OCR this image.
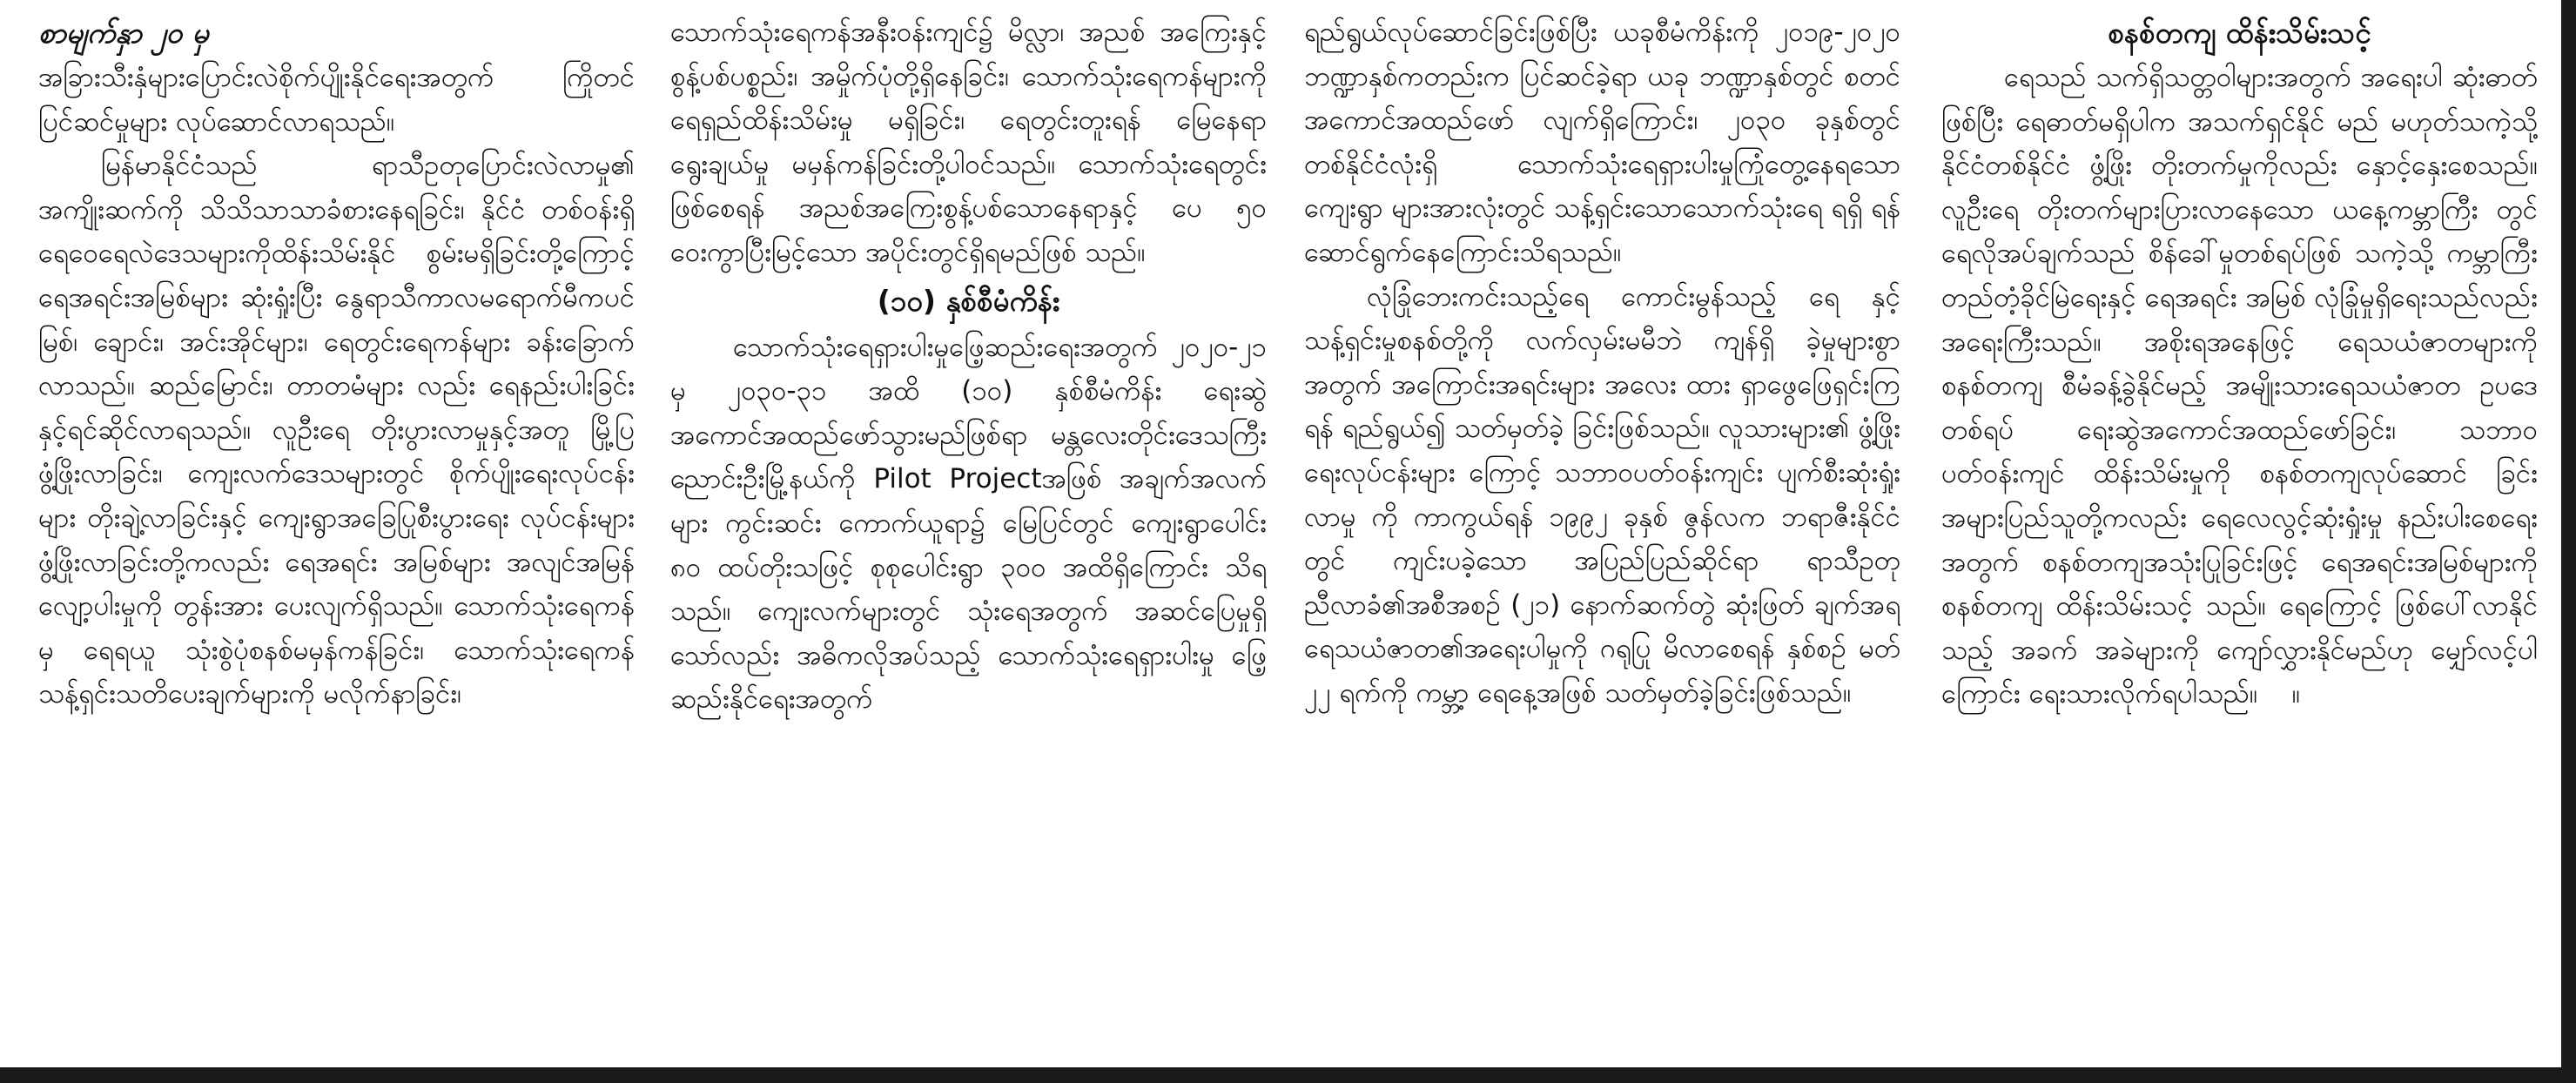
စာမျက်နှာ ၂၀ မှ

အခြားသီးနှံများပြောင်းလဲစိုက်ပျိုးနိုင်ရေးအတွက် ကြိုတင်ပြင်ဆင်မှုများ လုပ်ဆောင်လာရသည်။

မြန်မာနိုင်ငံသည် ရာသီဥတုပြောင်းလဲလာမှု၏ အကျိုးဆက်ကို သိသိသာသာခံစားနေရခြင်း၊ နိုင်ငံ တစ်ဝန်းရှိ ရေဝေရေလဲဒေသများကိုထိန်းသိမ်းနိုင် စွမ်းမရှိခြင်းတို့ကြောင့် ရေအရင်းအမြစ်များ ဆုံးရှုံးပြီး နွေရာသီကာလမရောက်မီကပင် မြစ်၊ ချောင်း၊ အင်းအိုင်များ၊ ရေတွင်းရေကန်များ ခန်းခြောက်လာသည်။ ဆည်မြောင်း၊ တာတမံများ လည်း ရေနည်းပါးခြင်းနှင့်ရင်ဆိုင်လာရသည်။ လူဦးရေ တိုးပွားလာမှုနှင့်အတူ မြို့ပြဖွံ့ဖြိုးလာခြင်း၊ ကျေးလက်ဒေသများတွင် စိုက်ပျိုးရေးလုပ်ငန်းများ တိုးချဲ့လာခြင်းနှင့် ကျေးရွာအခြေပြုစီးပွားရေး လုပ်ငန်းများ ဖွံ့ဖြိုးလာခြင်းတို့ကလည်း ရေအရင်း အမြစ်များ အလျင်အမြန်လျော့ပါးမှုကို တွန်းအား ပေးလျက်ရှိသည်။ သောက်သုံးရေကန်မှ ရေရယူ သုံးစွဲပုံစနစ်မမှန်ကန်ခြင်း၊ သောက်သုံးရေကန် သန့်ရှင်းသတိပေးချက်များကို မလိုက်နာခြင်း၊

သောက်သုံးရေကန်အနီးဝန်းကျင်၌ မိလ္လာ၊ အညစ် အကြေးနှင့် စွန့်ပစ်ပစ္စည်း၊ အမှိုက်ပုံတို့ရှိနေခြင်း၊ သောက်သုံးရေကန်များကို ရေရှည်ထိန်းသိမ်းမှု မရှိခြင်း၊ ရေတွင်းတူးရန် မြေနေရာရွေးချယ်မှု မမှန်ကန်ခြင်းတို့ပါဝင်သည်။ သောက်သုံးရေတွင်း ဖြစ်စေရန် အညစ်အကြေးစွန့်ပစ်သောနေရာနှင့် ပေ ၅၀ ဝေးကွာပြီးမြင့်သော အပိုင်းတွင်ရှိရမည်ဖြစ် သည်။

(၁၀) နှစ်စီမံကိန်း

သောက်သုံးရေရှားပါးမှုဖြေ့ဆည်းရေးအတွက် ၂၀၂၀-၂၁ မှ ၂၀၃၀-၃၁ အထိ (၁၀) နှစ်စီမံကိန်း ရေးဆွဲ အကောင်အထည်ဖော်သွားမည်ဖြစ်ရာ မန္တလေးတိုင်းဒေသကြီး ညောင်းဦးမြို့နယ်ကို Pilot Projectအဖြစ် အချက်အလက်များ ကွင်းဆင်း ကောက်ယူရာ၌ မြေပြင်တွင် ကျေးရွာပေါင်း ၈၀ ထပ်တိုးသဖြင့် စုစုပေါင်းရွာ ၃၀၀ အထိရှိကြောင်း သိရသည်။ ကျေးလက်များတွင် သုံးရေအတွက် အဆင်ပြေမှုရှိသော်လည်း အဓိကလိုအပ်သည့် သောက်သုံးရေရှားပါးမှု ဖြေ့ဆည်းနိုင်ရေးအတွက်

ရည်ရွယ်လုပ်ဆောင်ခြင်းဖြစ်ပြီး ယခုစီမံကိန်းကို ၂၀၁၉-၂၀၂၀ ဘဏ္ဍာနှစ်ကတည်းက ပြင်ဆင်ခဲ့ရာ ယခု ဘဏ္ဍာနှစ်တွင် စတင်အကောင်အထည်ဖော် လျက်ရှိကြောင်း၊ ၂၀၃၀ ခုနှစ်တွင် တစ်နိုင်ငံလုံးရှိ သောက်သုံးရေရှားပါးမှုကြုံတွေ့နေရသော ကျေးရွာ များအားလုံးတွင် သန့်ရှင်းသောသောက်သုံးရေ ရရှိ ရန် ဆောင်ရွက်နေကြောင်းသိရသည်။

လုံခြုံဘေးကင်းသည့်ရေ ကောင်းမွန်သည့် ရေ နှင့် သန့်ရှင်းမှုစနစ်တို့ကို လက်လှမ်းမမီဘဲ ကျန်ရှိ ခဲ့မှုများစွာအတွက် အကြောင်းအရင်းများ အလေး ထား ရှာဖွေဖြေရှင်းကြရန် ရည်ရွယ်၍ သတ်မှတ်ခဲ့ ခြင်းဖြစ်သည်။ လူသားများ၏ ဖွံ့ဖြိုးရေးလုပ်ငန်းများ ကြောင့် သဘာဝပတ်ဝန်းကျင်း ပျက်စီးဆုံးရှုံးလာမှု ကို ကာကွယ်ရန် ၁၉၉၂ ခုနှစ် ဇွန်လက ဘရာဇီးနိုင်ငံ တွင် ကျင်းပခဲ့သော အပြည်ပြည်ဆိုင်ရာ ရာသီဥတု ညီလာခံ၏အစီအစဉ် (၂၁) နောက်ဆက်တွဲ ဆုံးဖြတ် ချက်အရ ရေသယံဇာတ၏အရေးပါမှုကို ဂရုပြု မိလာစေရန် နှစ်စဉ် မတ် ၂၂ ရက်ကို ကမ္ဘာ့ ရေနေ့အဖြစ် သတ်မှတ်ခဲ့ခြင်းဖြစ်သည်။

စနစ်တကျ ထိန်းသိမ်းသင့်

ရေသည် သက်ရှိသတ္တဝါများအတွက် အရေးပါ ဆုံးဓာတ်ဖြစ်ပြီး ရေဓာတ်မရှိပါက အသက်ရှင်နိုင် မည် မဟုတ်သကဲ့သို့ နိုင်ငံတစ်နိုင်ငံ ဖွံ့ဖြိုး တိုးတက်မှုကိုလည်း နှောင့်နှေးစေသည်။ လူဦးရေ တိုးတက်များပြားလာနေသော ယနေ့ကမ္ဘာကြီး တွင် ရေလိုအပ်ချက်သည် စိန်ခေါ်မှုတစ်ရပ်ဖြစ် သကဲ့သို့ ကမ္ဘာကြီးတည်တံ့ခိုင်မြဲရေးနှင့် ရေအရင်း အမြစ် လုံခြုံမှုရှိရေးသည်လည်း အရေးကြီးသည်။ အစိုးရအနေဖြင့် ရေသယံဇာတများကို စနစ်တကျ စီမံခန့်ခွဲနိုင်မည့် အမျိုးသားရေသယံဇာတ ဥပဒေ တစ်ရပ် ရေးဆွဲအကောင်အထည်ဖော်ခြင်း၊ သဘာဝ ပတ်ဝန်းကျင် ထိန်းသိမ်းမှုကို စနစ်တကျလုပ်ဆောင် ခြင်းအများပြည်သူတို့ကလည်း ရေလေလွင့်ဆုံးရှုံးမှု နည်းပါးစေရေးအတွက် စနစ်တကျအသုံးပြုခြင်းဖြင့် ရေအရင်းအမြစ်များကို စနစ်တကျ ထိန်းသိမ်းသင့် သည်။ ရေကြောင့် ဖြစ်ပေါ်လာနိုင်သည့် အခက် အခဲများကို ကျော်လွှားနိုင်မည်ဟု မျှော်လင့်ပါ ကြောင်း ရေးသားလိုက်ရပါသည်။ ။
